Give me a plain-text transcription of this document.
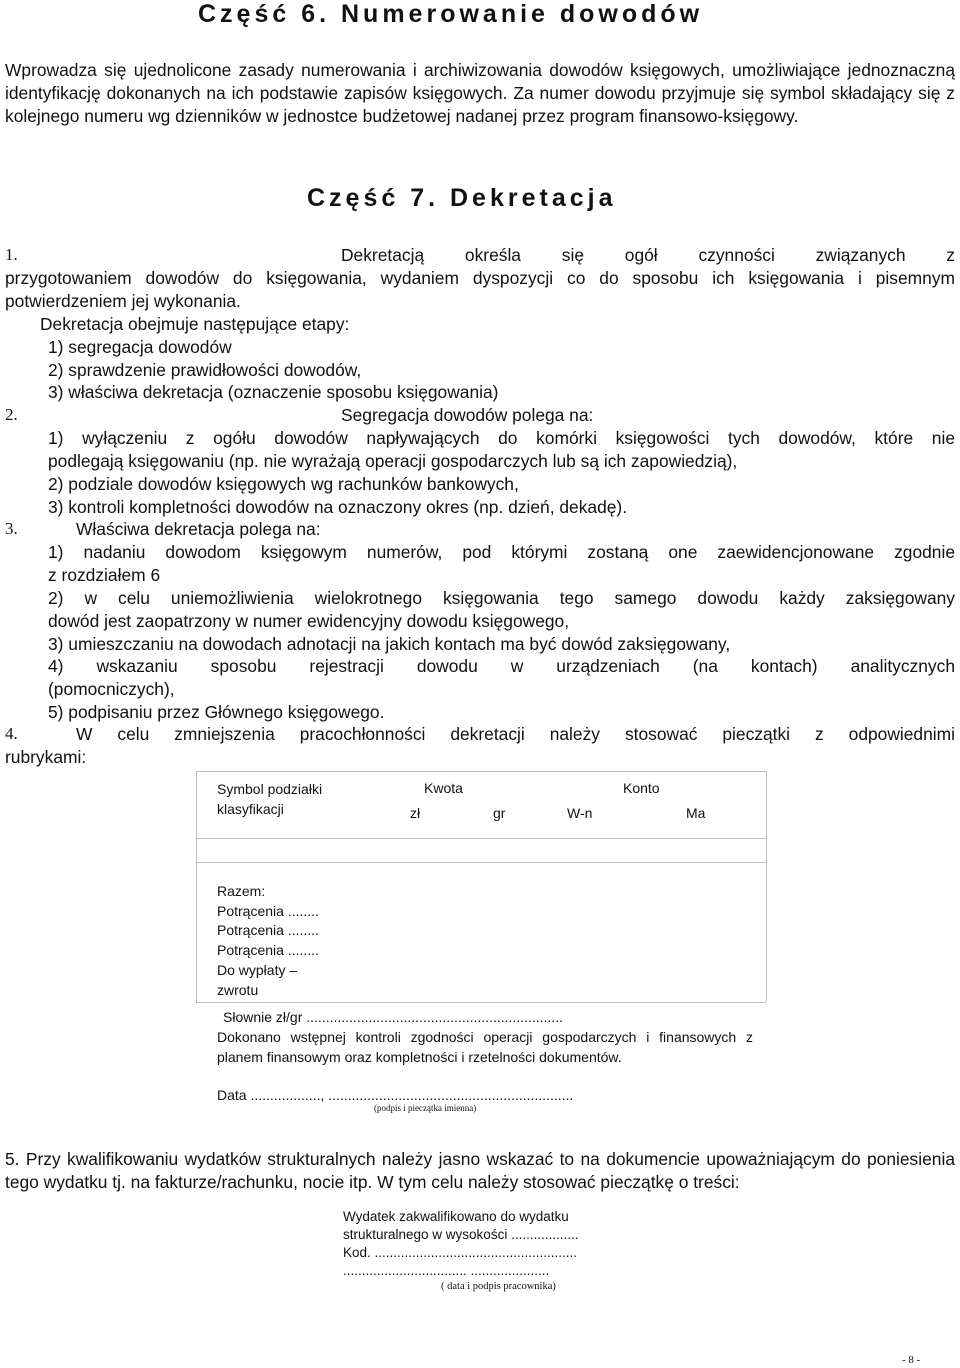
Część 6. Numerowanie dowodów
Wprowadza się ujednolicone zasady numerowania i archiwizowania dowodów księgowych, umożliwiające jednoznaczną identyfikację dokonanych na ich podstawie zapisów księgowych. Za numer dowodu przyjmuje się symbol składający się z kolejnego numeru wg dzienników w jednostce budżetowej nadanej przez program finansowo-księgowy.
Część 7. Dekretacja
1.	Dekretacją określa się ogół czynności związanych z
przygotowaniem dowodów do księgowania, wydaniem dyspozycji co do sposobu ich księgowania i pisemnym potwierdzeniem jej wykonania.
Dekretacja obejmuje następujące etapy:
1) segregacja dowodów
2) sprawdzenie prawidłowości dowodów,
3) właściwa dekretacja (oznaczenie sposobu księgowania)
2.	Segregacja dowodów polega na:
1) wyłączeniu z ogółu dowodów napływających do komórki księgowości tych dowodów, które nie
podlegają księgowaniu (np. nie wyrażają operacji gospodarczych lub są ich zapowiedzią),
2) podziale dowodów księgowych wg rachunków bankowych,
3) kontroli kompletności dowodów na oznaczony okres (np. dzień, dekadę).
3.	Właściwa dekretacja polega na:
1) nadaniu dowodom księgowym numerów, pod którymi zostaną one zaewidencjonowane zgodnie
z rozdziałem 6
2) w celu uniemożliwienia wielokrotnego księgowania tego samego dowodu każdy zaksięgowany
dowód jest zaopatrzony w numer ewidencyjny dowodu księgowego,
3) umieszczaniu na dowodach adnotacji na jakich kontach ma być dowód zaksięgowany,
4) wskazaniu sposobu rejestracji dowodu w urządzeniach (na kontach) analitycznych
(pomocniczych),
5) podpisaniu przez Głównego księgowego.
4.	W celu zmniejszenia pracochłonności dekretacji należy stosować pieczątki z odpowiednimi
rubrykami:
Symbol podziałki
klasyfikacji
Kwota	Konto
zł	gr	W-n	Ma
Razem:
Potrącenia ........
Potrącenia ........
Potrącenia ........
Do wypłaty –
zwrotu
Słownie zł/gr ..................................................................
Dokonano wstępnej kontroli zgodności operacji gospodarczych i finansowych z planem finansowym oraz kompletności i rzetelności dokumentów.
Data .................., ...............................................................
(podpis i pieczątka imienna)
5. Przy kwalifikowaniu wydatków strukturalnych należy jasno wskazać to na dokumencie upoważniającym do poniesienia tego wydatku tj. na fakturze/rachunku, nocie itp. W tym celu należy stosować pieczątkę o treści:
Wydatek zakwalifikowano do wydatku
strukturalnego w wysokości ..................
Kod. ......................................................
................................. .....................
( data i podpis pracownika)
- 8 -
